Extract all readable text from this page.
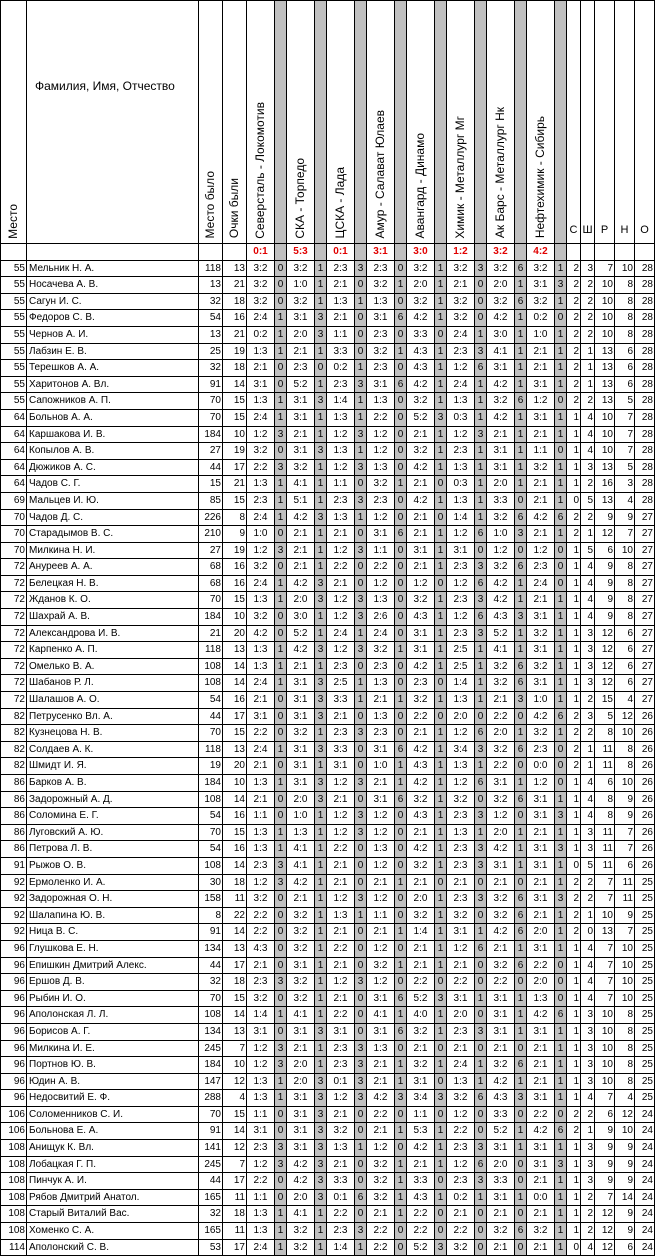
Место	Фамилия, Имя, Отчество	Место было	Очки были	Северсталь - Локомотив		СКА - Торпедо		ЦСКА - Лада		Амур - Салават Юлаев		Авангард - Динамо		Химик - Металлург Мг		Ак Барс - Металлург Нк		Нефтехимик - Сибирь		С	Ш	Р	Н	О
				0:1		5:3		0:1		3:1		3:0		1:2		3:2		4:2						
55	Мельник Н. А.	118	13	3:2	0	3:2	1	2:3	3	2:3	0	3:2	1	3:2	3	3:2	6	3:2	1	2	3	7	10	28
55	Носачева А. В.	13	21	3:2	0	1:0	1	2:1	0	3:2	1	2:0	1	2:1	0	2:0	1	3:1	3	2	2	10	8	28
55	Сагун И. С.	32	18	3:2	0	3:2	1	1:3	1	1:3	0	3:2	1	3:2	0	3:2	6	3:2	1	2	2	10	8	28
55	Федоров С. В.	54	16	2:4	1	3:1	3	2:1	0	3:1	6	4:2	1	3:2	0	4:2	1	0:2	0	2	2	10	8	28
55	Чернов А. И.	13	21	0:2	1	2:0	3	1:1	0	2:3	0	3:3	0	2:4	1	3:0	1	1:0	1	2	2	10	8	28
55	Лабзин Е. В.	25	19	1:3	1	2:1	1	3:3	0	3:2	1	4:3	1	2:3	3	4:1	1	2:1	1	2	1	13	6	28
55	Терешков А. А.	32	18	2:1	0	2:3	0	0:2	1	2:3	0	4:3	1	1:2	6	3:1	1	2:1	1	2	1	13	6	28
55	Харитонов А. Вл.	91	14	3:1	0	5:2	1	2:3	3	3:1	6	4:2	1	2:4	1	4:2	1	3:1	1	2	1	13	6	28
55	Сапожников А. П.	70	15	1:3	1	3:1	3	1:4	1	1:3	0	3:2	1	1:3	1	3:2	6	1:2	0	2	2	13	5	28
64	Больнов А. А.	70	15	2:4	1	3:1	1	1:3	1	2:2	0	5:2	3	0:3	1	4:2	1	3:1	1	1	4	10	7	28
64	Каршакова И. В.	184	10	1:2	3	2:1	1	1:2	3	1:2	0	2:1	1	1:2	3	2:1	1	2:1	1	1	4	10	7	28
64	Копылов А. В.	27	19	3:2	0	3:1	3	1:3	1	1:2	0	3:2	1	2:3	1	3:1	1	1:1	0	1	4	10	7	28
64	Дюжиков А. С.	44	17	2:2	3	3:2	1	1:2	3	1:3	0	4:2	1	1:3	1	3:1	1	3:2	1	1	3	13	5	28
64	Чадов С. Г.	15	21	1:3	1	4:1	1	1:1	0	3:2	1	2:1	0	0:3	1	2:0	1	2:1	1	1	2	16	3	28
69	Мальцев И. Ю.	85	15	2:3	1	5:1	1	2:3	3	2:3	0	4:2	1	1:3	1	3:3	0	2:1	1	0	5	13	4	28
70	Чадов Д. С.	226	8	2:4	1	4:2	3	1:3	1	1:2	0	2:1	0	1:4	1	3:2	6	4:2	6	2	2	9	9	27
70	Старадымов В. С.	210	9	1:0	0	2:1	1	2:1	0	3:1	6	2:1	1	1:2	6	1:0	3	2:1	1	2	1	12	7	27
70	Милкина Н. И.	27	19	1:2	3	2:1	1	1:2	3	1:1	0	3:1	1	3:1	0	1:2	0	1:2	0	1	5	6	10	27
72	Ануреев А. А.	68	16	3:2	0	2:1	1	2:2	0	2:2	0	2:1	1	2:3	3	3:2	6	2:3	0	1	4	9	8	27
72	Белецкая Н. В.	68	16	2:4	1	4:2	3	2:1	0	1:2	0	1:2	0	1:2	6	4:2	1	2:4	0	1	4	9	8	27
72	Жданов К. О.	70	15	1:3	1	2:0	3	1:2	3	1:3	0	3:2	1	2:3	3	4:2	1	2:1	1	1	4	9	8	27
72	Шахрай А. В.	184	10	3:2	0	3:0	1	1:2	3	2:6	0	4:3	1	1:2	6	4:3	3	3:1	1	1	4	9	8	27
72	Александрова И. В.	21	20	4:2	0	5:2	1	2:4	1	2:4	0	3:1	1	2:3	3	5:2	1	3:2	1	1	3	12	6	27
72	Карпенко А. П.	118	13	1:3	1	4:2	3	1:2	3	3:2	1	3:1	1	2:5	1	4:1	1	3:1	1	1	3	12	6	27
72	Омелько В. А.	108	14	1:3	1	2:1	1	2:3	0	2:3	0	4:2	1	2:5	1	3:2	6	3:2	1	1	3	12	6	27
72	Шабанов Р. Л.	108	14	2:4	1	3:1	3	2:5	1	1:3	0	2:3	0	1:4	1	3:2	6	3:1	1	1	3	12	6	27
72	Шалашов А. О.	54	16	2:1	0	3:1	3	3:3	1	2:1	1	3:2	1	1:3	1	2:1	3	1:0	1	1	2	15	4	27
82	Петрусенко Вл. А.	44	17	3:1	0	3:1	3	2:1	0	1:3	0	2:2	0	2:0	0	2:2	0	4:2	6	2	3	5	12	26
82	Кузнецова Н. В.	70	15	2:2	0	3:2	1	2:3	3	2:3	0	2:1	1	1:2	6	2:0	1	3:2	1	2	2	8	10	26
82	Солдаев А. К.	118	13	2:4	1	3:1	3	3:3	0	3:1	6	4:2	1	3:4	3	3:2	6	2:3	0	2	1	11	8	26
82	Шмидт И. Я.	19	20	2:1	0	3:1	1	3:1	0	1:0	1	4:3	1	1:3	1	2:2	0	0:0	0	2	1	11	8	26
86	Барков А. В.	184	10	1:3	1	3:1	3	1:2	3	2:1	1	4:2	1	1:2	6	3:1	1	1:2	0	1	4	6	10	26
86	Задорожный А. Д.	108	14	2:1	0	2:0	3	2:1	0	3:1	6	3:2	1	3:2	0	3:2	6	3:1	1	1	4	8	9	26
86	Соломина Е. Г.	54	16	1:1	0	1:0	1	1:2	3	1:2	0	4:3	1	2:3	3	1:2	0	3:1	3	1	4	8	9	26
86	Луговский А. Ю.	70	15	1:3	1	1:3	1	1:2	3	1:2	0	2:1	1	1:3	1	2:0	1	2:1	1	1	3	11	7	26
86	Петрова Л. В.	54	16	1:3	1	4:1	1	2:2	0	1:3	0	4:2	1	2:3	3	4:2	1	3:1	3	1	3	11	7	26
91	Рыжов О. В.	108	14	2:3	3	4:1	1	2:1	0	1:2	0	3:2	1	2:3	3	3:1	1	3:1	1	0	5	11	6	26
92	Ермоленко И. А.	30	18	1:2	3	4:2	1	2:1	0	2:1	1	2:1	0	2:1	0	2:1	0	2:1	1	2	2	7	11	25
92	Задорожная О. Н.	158	11	3:2	0	2:1	1	1:2	3	1:2	0	2:0	1	2:3	3	3:2	6	3:1	3	2	2	7	11	25
92	Шалапина Ю. В.	8	22	2:2	0	3:2	1	1:3	1	1:1	0	3:2	1	3:2	0	3:2	6	2:1	1	2	1	10	9	25
92	Ница В. С.	91	14	2:2	0	3:2	1	2:1	0	2:1	1	1:4	1	3:1	1	4:2	6	2:0	1	2	0	13	7	25
96	Глушкова Е. Н.	134	13	4:3	0	3:2	1	2:2	0	1:2	0	2:1	1	1:2	6	2:1	1	3:1	1	1	4	7	10	25
96	Епишкин Дмитрий Алекс.	44	17	2:1	0	3:1	1	2:1	0	3:2	1	2:1	1	2:1	0	3:2	6	2:2	0	1	4	7	10	25
96	Ершов Д. В.	32	18	2:3	3	3:2	1	1:2	3	1:2	0	2:2	0	2:2	0	2:2	0	2:0	0	1	4	7	10	25
96	Рыбин И. О.	70	15	3:2	0	3:2	1	2:1	0	3:1	6	5:2	3	3:1	1	3:1	1	1:3	0	1	4	7	10	25
96	Аполонская Л. Л.	108	14	1:4	1	4:1	1	2:2	0	4:1	1	4:0	1	2:0	0	3:1	1	4:2	6	1	3	10	8	25
96	Борисов А. Г.	134	13	3:1	0	3:1	3	3:1	0	3:1	6	3:2	1	2:3	3	3:1	1	3:1	1	1	3	10	8	25
96	Милкина И. Е.	245	7	1:2	3	2:1	1	2:3	3	1:3	0	2:1	0	2:1	0	2:1	0	2:1	1	1	3	10	8	25
96	Портнов Ю. В.	184	10	1:2	3	2:0	1	2:3	3	2:1	1	3:2	1	2:4	1	3:2	6	2:1	1	1	3	10	8	25
96	Юдин А. В.	147	12	1:3	1	2:0	3	0:1	3	2:1	1	3:1	0	1:3	1	4:2	1	2:1	1	1	3	10	8	25
96	Недосвитий Е. Ф.	288	4	1:3	1	3:1	3	1:2	3	4:2	3	3:4	3	3:2	6	4:3	3	3:1	1	1	4	7	4	25
106	Соломенников С. И.	70	15	1:1	0	3:1	3	2:1	0	2:2	0	1:1	0	1:2	0	3:3	0	2:2	0	2	2	6	12	24
106	Больнова Е. А.	91	14	3:1	0	3:1	3	3:2	0	2:1	1	5:3	1	2:2	0	5:2	1	4:2	6	2	1	9	10	24
108	Анищук К. Вл.	141	12	2:3	3	3:1	3	1:3	1	1:2	0	4:2	1	2:3	3	3:1	1	3:1	1	1	3	9	9	24
108	Лобацкая Г. П.	245	7	1:2	3	4:2	3	2:1	0	3:2	1	2:1	1	1:2	6	2:0	0	3:1	3	1	3	9	9	24
108	Пинчук А. И.	44	17	2:2	0	4:2	3	3:3	0	3:2	1	3:3	0	2:3	3	3:3	0	2:1	1	1	3	9	9	24
108	Рябов Дмитрий Анатол.	165	11	1:1	0	2:0	3	0:1	6	3:2	1	4:3	1	0:2	1	3:1	1	0:0	1	1	2	7	14	24
108	Старый Виталий Вас.	32	18	1:3	1	4:1	1	2:2	0	2:1	1	2:2	0	2:1	0	2:1	0	2:1	1	1	2	12	9	24
108	Хоменко С. А.	165	11	1:3	1	3:2	1	2:3	3	2:2	0	2:2	0	2:2	0	3:2	6	3:2	1	1	2	12	9	24
114	Аполонский С. В.	53	17	2:4	1	3:2	1	1:4	1	2:2	0	5:2	3	3:2	0	2:1	0	2:1	1	0	4	12	6	24
